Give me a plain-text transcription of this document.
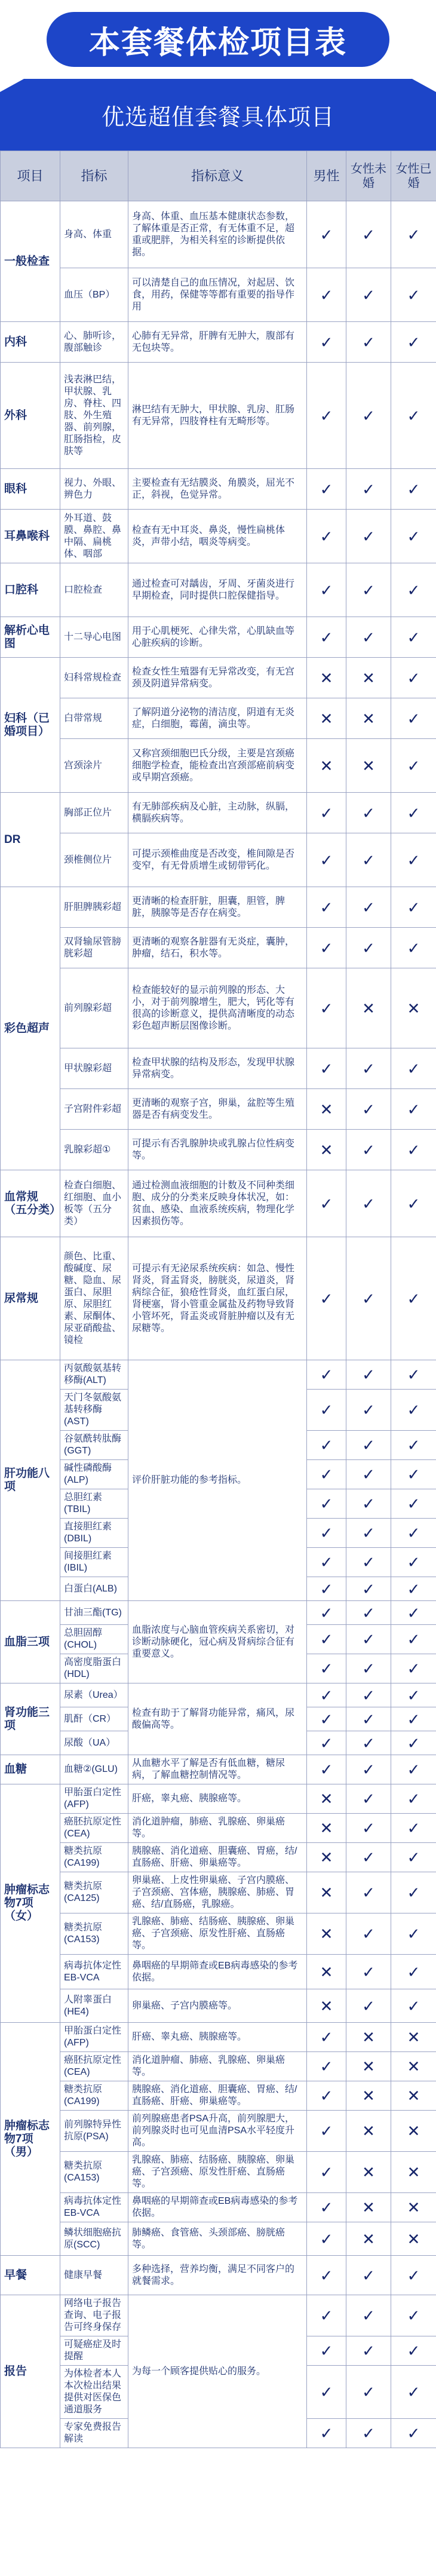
本套餐体检项目表
优选超值套餐具体项目
项目	指标	指标意义	男性	女性未婚	女性已婚
一般检查	身高、体重	身高、体重、血压基本健康状态参数，了解体重是否正常，有无体重不足，超重或肥胖，为相关科室的诊断提供依据。	✓	✓	✓
	血压（BP）	可以清楚自己的血压情况，対起居、饮食，用药，保健等等都有重要的指导作用	✓	✓	✓
内科	心、肺听诊，腹部触诊	心肺有无异常，肝脾有无肿大，腹部有无包块等。	✓	✓	✓
外科	浅表淋巴结，甲状腺、乳房、脊柱、四肢、外生殖器、前列腺，肛肠指检，皮肤等	淋巴结有无肿大，甲状腺、乳房、肛肠有无异常，四肢脊柱有无畸形等。	✓	✓	✓
眼科	视力、外眼、辨色力	主要检查有无结膜炎、角膜炎，屈光不正，斜视，色觉异常。	✓	✓	✓
耳鼻喉科	外耳道、鼓膜、鼻腔、鼻中隔、扁桃体、咽部	检查有无中耳炎、鼻炎，慢性扁桃体炎，声带小结，咽炎等病变。	✓	✓	✓
口腔科	口腔检查	通过检查可对龋齿，牙周、牙菌炎进行早期检查，同时提供口腔保健指导。	✓	✓	✓
解析心电图	十二导心电图	用于心肌梗死、心律失常，心肌缺血等心脏疾病的诊断。	✓	✓	✓
妇科（已婚项目）	妇科常规检查	检查女性生殖器有无异常改变，有无宫颈及阴道异常病变。	✕	✕	✓
	白带常规	了解阴道分泌物的清洁度，阴道有无炎症，白细胞，霉菌，滴虫等。	✕	✕	✓
	宫颈涂片	又称宫颈细胞巴氏分级，主要是宫颈癌细胞学检查，能检查出宫颈部癌前病变或早期宫颈癌。	✕	✕	✓
DR	胸部正位片	有无肺部疾病及心脏，主动脉，纵膈，横膈疾病等。	✓	✓	✓
	颈椎侧位片	可提示颈椎曲度是否改变，椎间隙是否变窄，有无骨质增生或韧带钙化。	✓	✓	✓
彩色超声	肝胆脾胰彩超	更清晰的检查肝脏，胆囊，胆管，脾脏，胰腺等是否存在病变。	✓	✓	✓
	双肾输尿管膀胱彩超	更清晰的观察各脏器有无炎症，囊肿，肿瘤，结石，积水等。	✓	✓	✓
	前列腺彩超	检查能较好的显示前列腺的形态、大小，对于前列腺增生，肥大，钙化等有很高的诊断意义，提供高清晰度的动态彩色超声断层图像诊断。	✓	✕	✕
	甲状腺彩超	检查甲状腺的结构及形态，发现甲状腺异常病变。	✓	✓	✓
	子宫附件彩超	更清晰的观察子宫，卵巢，盆腔等生殖器是否有病变发生。	✕	✓	✓
	乳腺彩超①	可提示有否乳腺肿块或乳腺占位性病变等。	✕	✓	✓
血常规（五分类）	检查白细胞、红细胞、血小板等（五分类）	通过检测血液细胞的计数及不同种类细胞、成分的分类来反映身体状况，如：贫血、感染、血液系统疾病，物理化学因素损伤等。	✓	✓	✓
尿常规	颜色、比重、酸碱度、尿糖、隐血、尿蛋白、尿胆原、尿胆红素、尿酮体、尿亚硝酸盐、镜检	可提示有无泌尿系统疾病：如急、慢性肾炎，肾盂肾炎，膀胱炎，尿道炎，肾病综合征，狼疮性肾炎，血红蛋白尿，肾梗塞，肾小管重金属盐及药物导致肾小管坏死，肾盂炎或肾脏肿瘤以及有无尿糖等。	✓	✓	✓
肝功能八项	丙氨酸氨基转移酶(ALT)	评价肝脏功能的参考指标。	✓	✓	✓
	天门冬氨酸氨基转移酶(AST)		✓	✓	✓
	谷氨酰转肽酶(GGT)		✓	✓	✓
	碱性磷酸酶(ALP)		✓	✓	✓
	总胆红素(TBIL)		✓	✓	✓
	直接胆红素(DBIL)		✓	✓	✓
	间接胆红素(IBIL)		✓	✓	✓
	白蛋白(ALB)		✓	✓	✓
血脂三项	甘油三酯(TG)	血脂浓度与心脑血管疾病关系密切，对诊断动脉硬化，冠心病及肾病综合征有重要意义。	✓	✓	✓
	总胆固醇(CHOL)		✓	✓	✓
	高密度脂蛋白(HDL)		✓	✓	✓
肾功能三项	尿素（Urea）	检查有助于了解肾功能异常，痛风，尿酸偏高等。	✓	✓	✓
	肌酐（CR）		✓	✓	✓
	尿酸（UA）		✓	✓	✓
血糖	血糖②(GLU)	从血糖水平了解是否有低血糖，糖尿病，了解血糖控制情况等。	✓	✓	✓
肿瘤标志物7项（女）	甲胎蛋白定性(AFP)	肝癌，睾丸癌、胰腺癌等。	✕	✓	✓
	癌胚抗原定性(CEA)	消化道肿瘤，肺癌、乳腺癌、卵巢癌等。	✕	✓	✓
	糖类抗原(CA199)	胰腺癌、消化道癌、胆囊癌、胃癌，结/直肠癌、肝癌、卵巢癌等。	✕	✓	✓
	糖类抗原(CA125)	卵巢癌、上皮性卵巢癌、子宫内膜癌、子宫颈癌、宫体癌，胰腺癌、肺癌、胃癌、结/直肠癌，乳腺癌。	✕	✓	✓
	糖类抗原(CA153)	乳腺癌、肺癌、结肠癌、胰腺癌、卵巢癌、子宫颈癌、原发性肝癌、直肠癌等。	✕	✓	✓
	病毒抗体定性EB-VCA	鼻咽癌的早期筛查或EB病毒感染的参考依据。	✕	✓	✓
	人附睾蛋白(HE4)	卵巢癌、子宫内膜癌等。	✕	✓	✓
肿瘤标志物7项（男）	甲胎蛋白定性(AFP)	肝癌、睾丸癌、胰腺癌等。	✓	✕	✕
	癌胚抗原定性(CEA)	消化道肿瘤、肺癌、乳腺癌、卵巢癌等。	✓	✕	✕
	糖类抗原(CA199)	胰腺癌、消化道癌、胆囊癌、胃癌、结/直肠癌、肝癌、卵巢癌等。	✓	✕	✕
	前列腺特异性抗原(PSA)	前列腺癌患者PSA升高，前列腺肥大，前列腺炎时也可见血清PSA水平轻度升高。	✓	✕	✕
	糖类抗原(CA153)	乳腺癌、肺癌、结肠癌、胰腺癌、卵巢癌、子宫颈癌、原发性肝癌、直肠癌等。	✓	✕	✕
	病毒抗体定性EB-VCA	鼻咽癌的早期筛查或EB病毒感染的参考依据。	✓	✕	✕
	鳞状细胞癌抗原(SCC)	肺鳞癌、食管癌、头颈部癌、膀胱癌等。	✓	✕	✕
早餐	健康早餐	多种选择，营养均衡，满足不同客户的就餐需求。	✓	✓	✓
报告	网络电子报告查询、电子报告可终身保存	为每一个顾客提供贴心的服务。	✓	✓	✓
	可疑癌症及时提醒		✓	✓	✓
	为体检者本人本次检出结果提供对医保色通道服务		✓	✓	✓
	专家免费报告解读		✓	✓	✓
